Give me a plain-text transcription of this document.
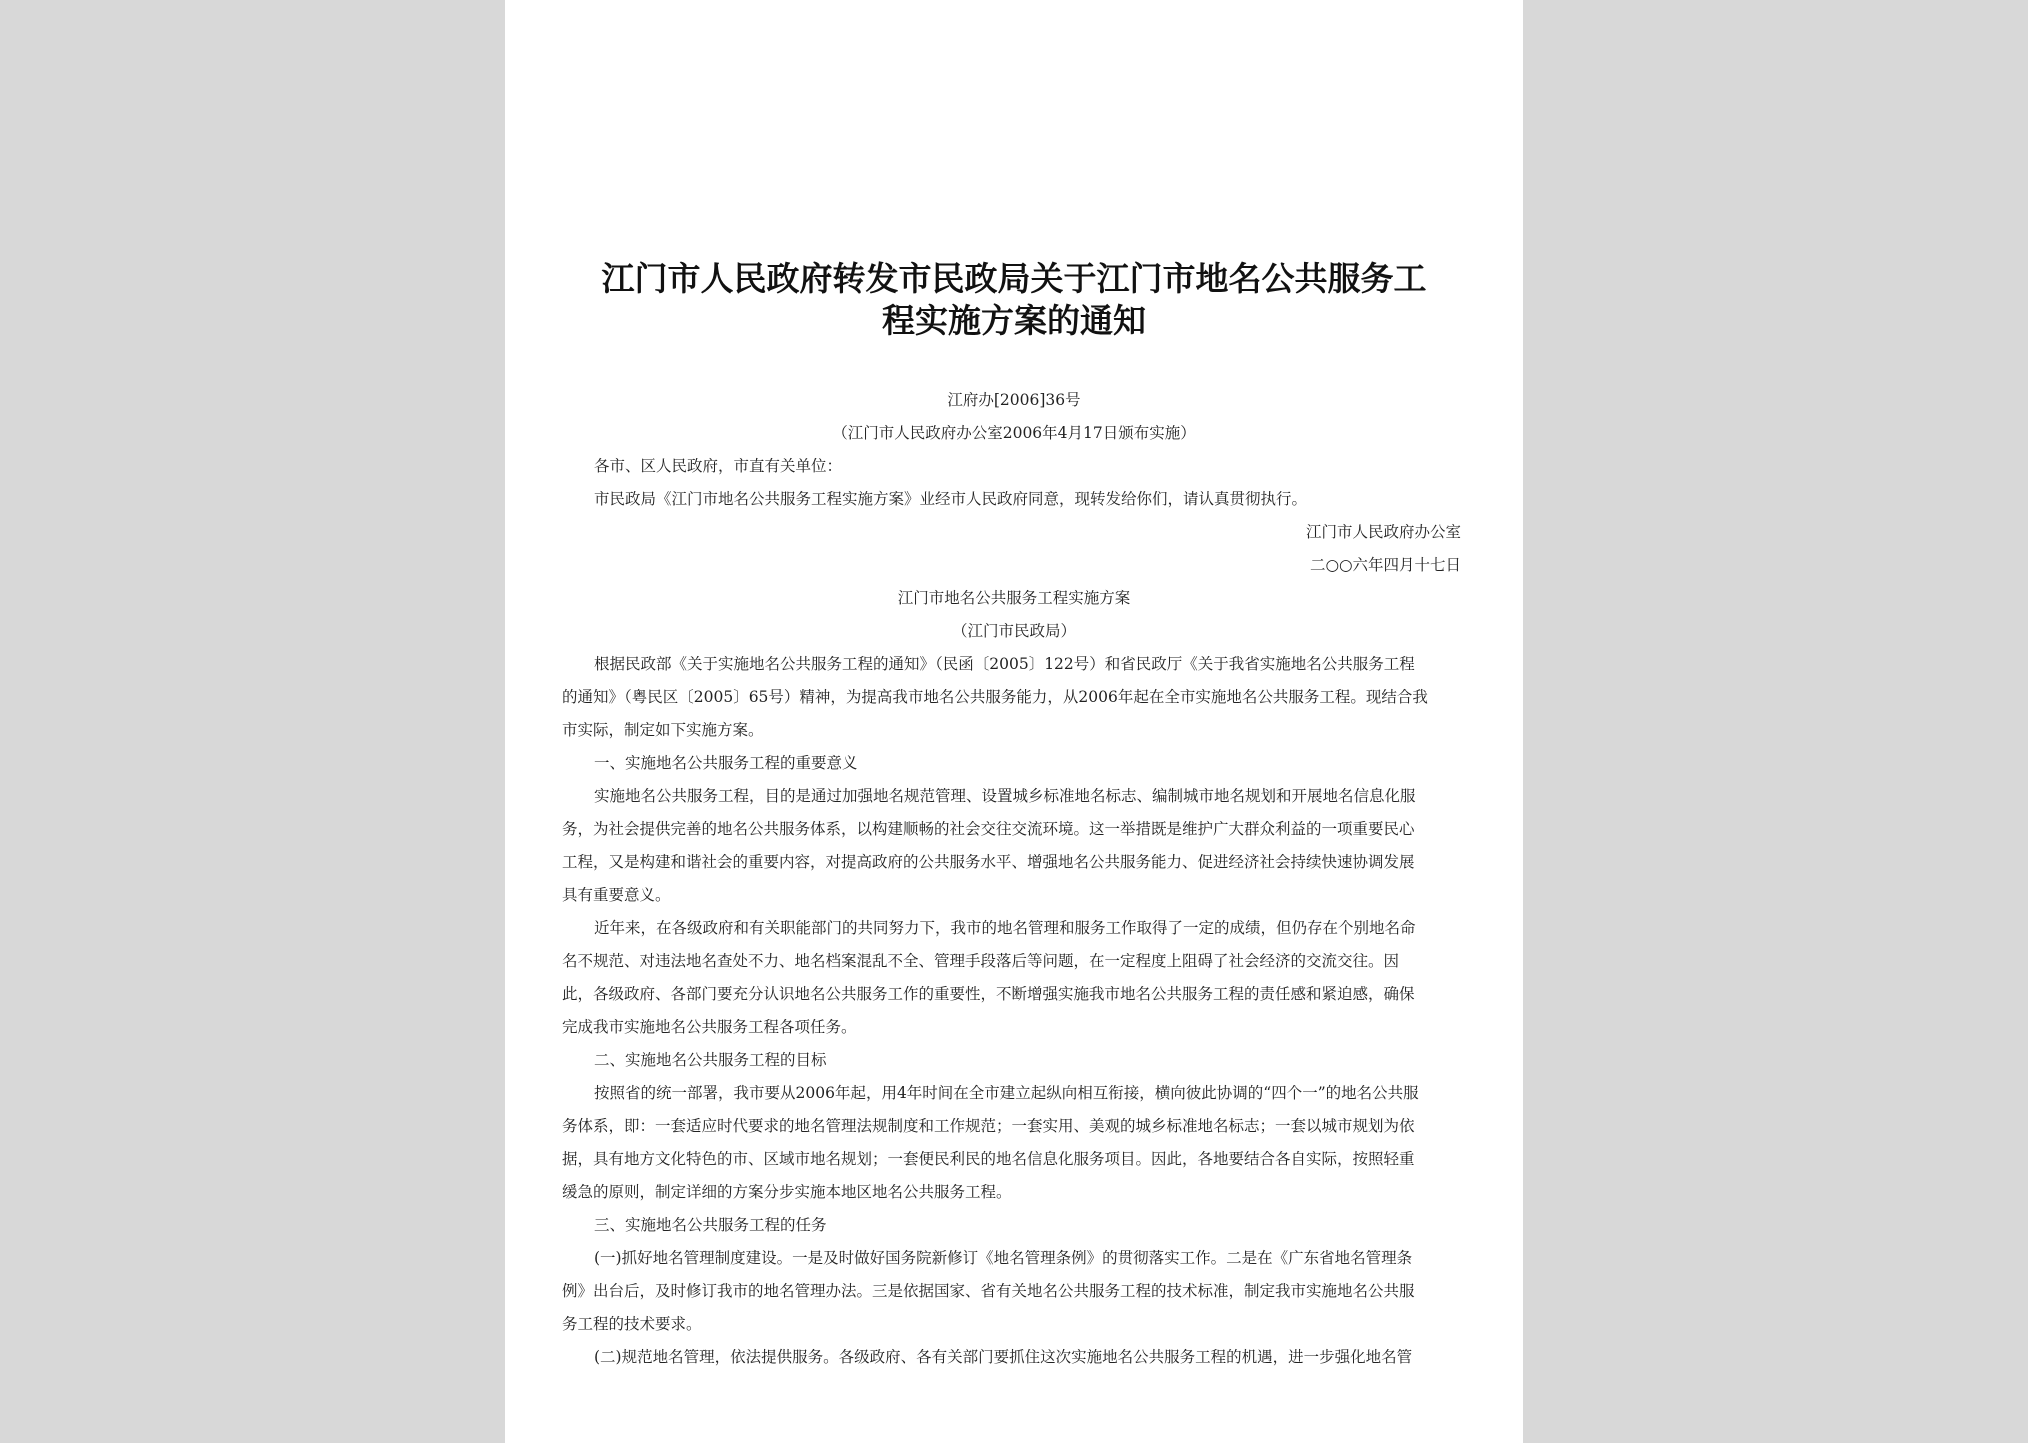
江门市人民政府转发市民政局关于江门市地名公共服务工程实施方案的通知
江府办[2006]36号
（江门市人民政府办公室2006年4月17日颁布实施）
各市、区人民政府，市直有关单位：
市民政局《江门市地名公共服务工程实施方案》业经市人民政府同意，现转发给你们，请认真贯彻执行。
江门市人民政府办公室
二○○六年四月十七日
江门市地名公共服务工程实施方案
（江门市民政局）
根据民政部《关于实施地名公共服务工程的通知》（民函〔2005〕122号）和省民政厅《关于我省实施地名公共服务工程
的通知》（粤民区〔2005〕65号）精神，为提高我市地名公共服务能力，从2006年起在全市实施地名公共服务工程。现结合我
市实际，制定如下实施方案。
一、实施地名公共服务工程的重要意义
实施地名公共服务工程，目的是通过加强地名规范管理、设置城乡标准地名标志、编制城市地名规划和开展地名信息化服
务，为社会提供完善的地名公共服务体系，以构建顺畅的社会交往交流环境。这一举措既是维护广大群众利益的一项重要民心
工程，又是构建和谐社会的重要内容，对提高政府的公共服务水平、增强地名公共服务能力、促进经济社会持续快速协调发展
具有重要意义。
近年来，在各级政府和有关职能部门的共同努力下，我市的地名管理和服务工作取得了一定的成绩，但仍存在个别地名命
名不规范、对违法地名查处不力、地名档案混乱不全、管理手段落后等问题，在一定程度上阻碍了社会经济的交流交往。因
此，各级政府、各部门要充分认识地名公共服务工作的重要性，不断增强实施我市地名公共服务工程的责任感和紧迫感，确保
完成我市实施地名公共服务工程各项任务。
二、实施地名公共服务工程的目标
按照省的统一部署，我市要从2006年起，用4年时间在全市建立起纵向相互衔接，横向彼此协调的“四个一”的地名公共服
务体系，即：一套适应时代要求的地名管理法规制度和工作规范；一套实用、美观的城乡标准地名标志；一套以城市规划为依
据，具有地方文化特色的市、区域市地名规划；一套便民利民的地名信息化服务项目。因此，各地要结合各自实际，按照轻重
缓急的原则，制定详细的方案分步实施本地区地名公共服务工程。
三、实施地名公共服务工程的任务
(一)抓好地名管理制度建设。一是及时做好国务院新修订《地名管理条例》的贯彻落实工作。二是在《广东省地名管理条
例》出台后，及时修订我市的地名管理办法。三是依据国家、省有关地名公共服务工程的技术标准，制定我市实施地名公共服
务工程的技术要求。
(二)规范地名管理，依法提供服务。各级政府、各有关部门要抓住这次实施地名公共服务工程的机遇，进一步强化地名管
